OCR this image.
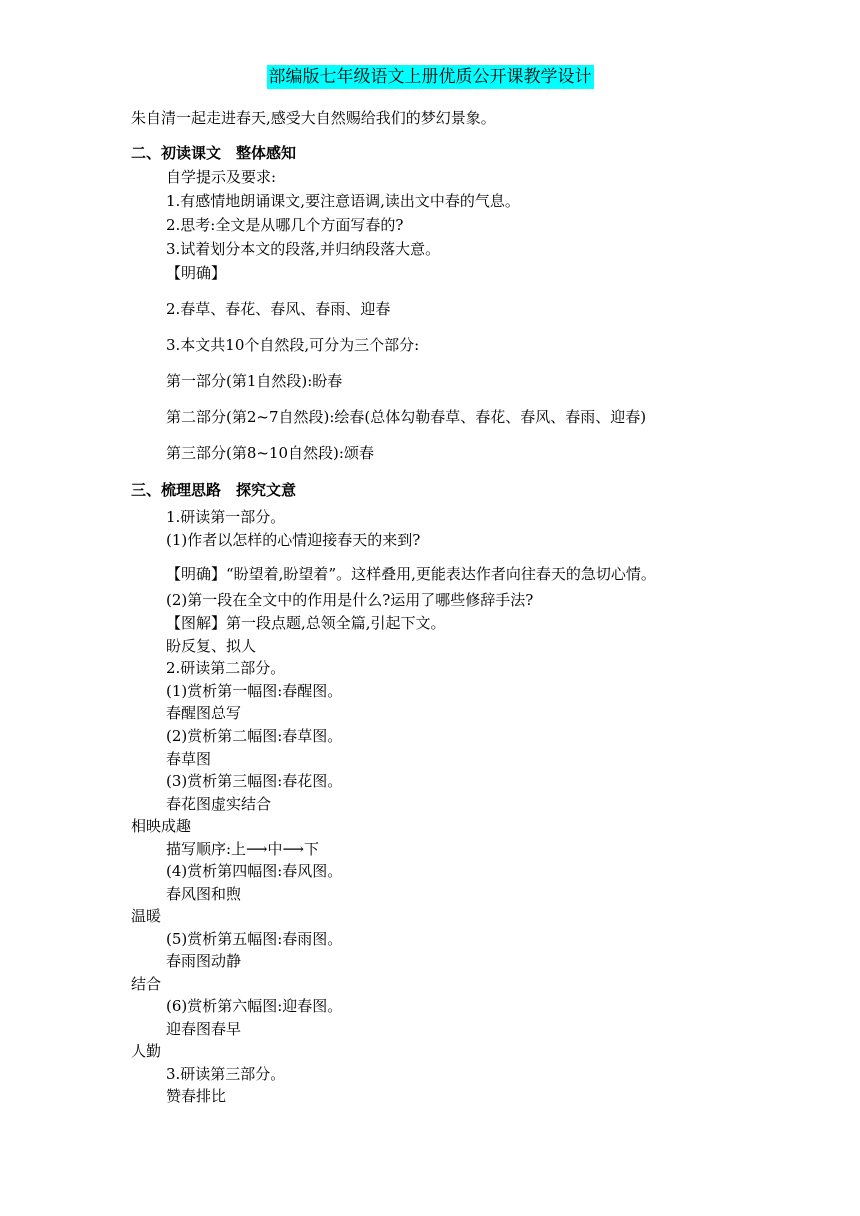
部编版七年级语文上册优质公开课教学设计
朱自清一起走进春天,感受大自然赐给我们的梦幻景象。
二、初读课文　整体感知
自学提示及要求:
1.有感情地朗诵课文,要注意语调,读出文中春的气息。
2.思考:全文是从哪几个方面写春的?
3.试着划分本文的段落,并归纳段落大意。
【明确】
2.春草、春花、春风、春雨、迎春
3.本文共10个自然段,可分为三个部分:
第一部分(第1自然段):盼春
第二部分(第2~7自然段):绘春(总体勾勒春草、春花、春风、春雨、迎春)
第三部分(第8~10自然段):颂春
三、梳理思路　探究文意
1.研读第一部分。
(1)作者以怎样的心情迎接春天的来到?
【明确】“盼望着,盼望着”。这样叠用,更能表达作者向往春天的急切心情。
(2)第一段在全文中的作用是什么?运用了哪些修辞手法?
【图解】第一段点题,总领全篇,引起下文。
盼反复、拟人
2.研读第二部分。
(1)赏析第一幅图:春醒图。
春醒图总写
(2)赏析第二幅图:春草图。
春草图
(3)赏析第三幅图:春花图。
春花图虚实结合
相映成趣
描写顺序:上⟶中⟶下
(4)赏析第四幅图:春风图。
春风图和煦
温暖
(5)赏析第五幅图:春雨图。
春雨图动静
结合
(6)赏析第六幅图:迎春图。
迎春图春早
人勤
3.研读第三部分。
赞春排比
